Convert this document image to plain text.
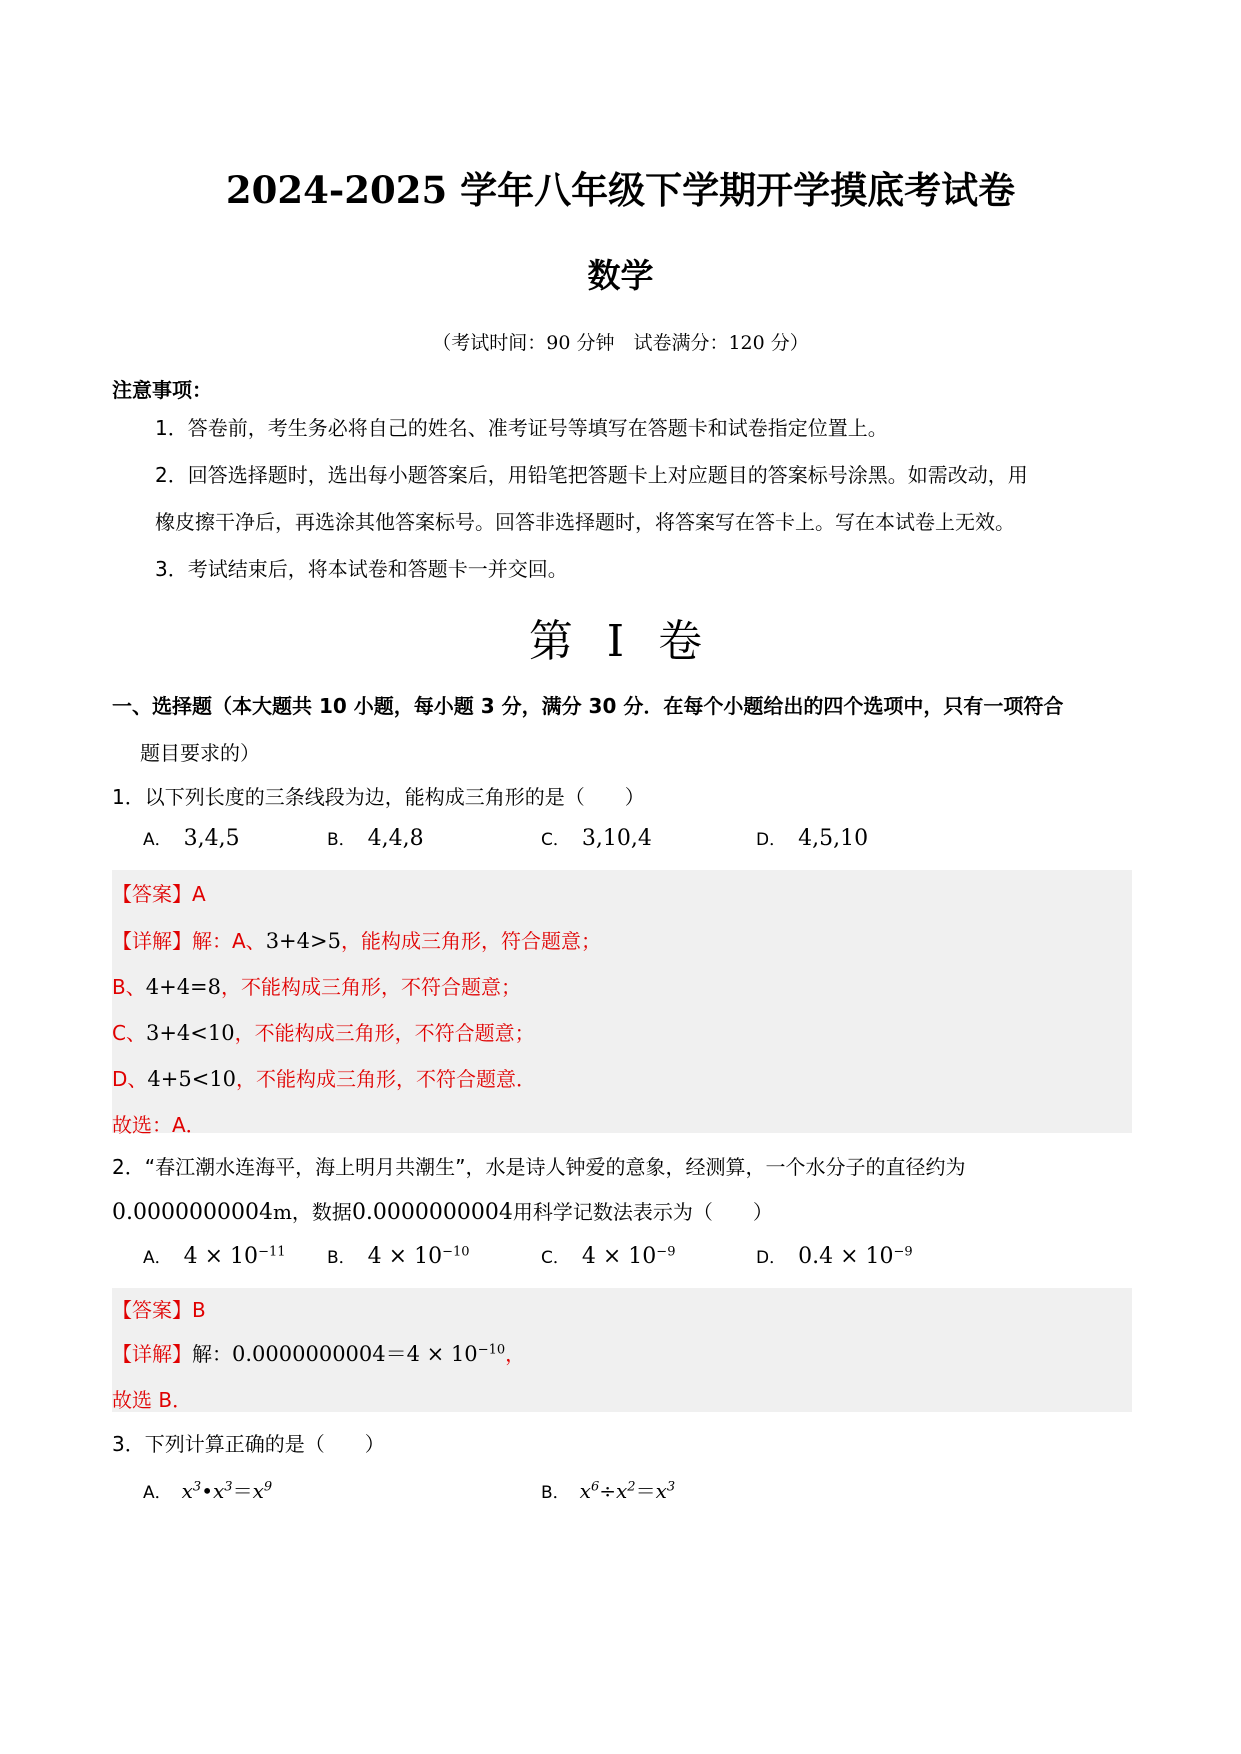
2024-2025 学年八年级下学期开学摸底考试卷
数学
（考试时间：90 分钟　试卷满分：120 分）
注意事项：
1．答卷前，考生务必将自己的姓名、准考证号等填写在答题卡和试卷指定位置上。
2．回答选择题时，选出每小题答案后，用铅笔把答题卡上对应题目的答案标号涂黑。如需改动，用
橡皮擦干净后，再选涂其他答案标号。回答非选择题时，将答案写在答卡上。写在本试卷上无效。
3．考试结束后，将本试卷和答题卡一并交回。
第 I 卷
一、选择题（本大题共 10 小题，每小题 3 分，满分 30 分．在每个小题给出的四个选项中，只有一项符合
题目要求的）
1．以下列长度的三条线段为边，能构成三角形的是（　　）
A． 3,4,5	B． 4,4,8	C． 3,10,4	D． 4,5,10
【答案】A
【详解】解：A、3+4>5，能构成三角形，符合题意；
B、4+4=8，不能构成三角形，不符合题意；
C、3+4<10，不能构成三角形，不符合题意；
D、4+5<10，不能构成三角形，不符合题意．
故选：A．
2．“春江潮水连海平，海上明月共潮生”，水是诗人钟爱的意象，经测算，一个水分子的直径约为
0.0000000004m，数据0.0000000004用科学记数法表示为（　　）
A． $4 \times 10^{-11}$ B． $4 \times 10^{-10}$	C． $4 \times 10^{-9}$	D． $0.4 \times 10^{-9}$
【答案】B
【详解】解：$0.0000000004=4 \times 10^{-10}$，
故选 B．
3．下列计算正确的是（　　）
A． $x^3•x^3=x^9$	B． $x^6\div x^2=x^3$
